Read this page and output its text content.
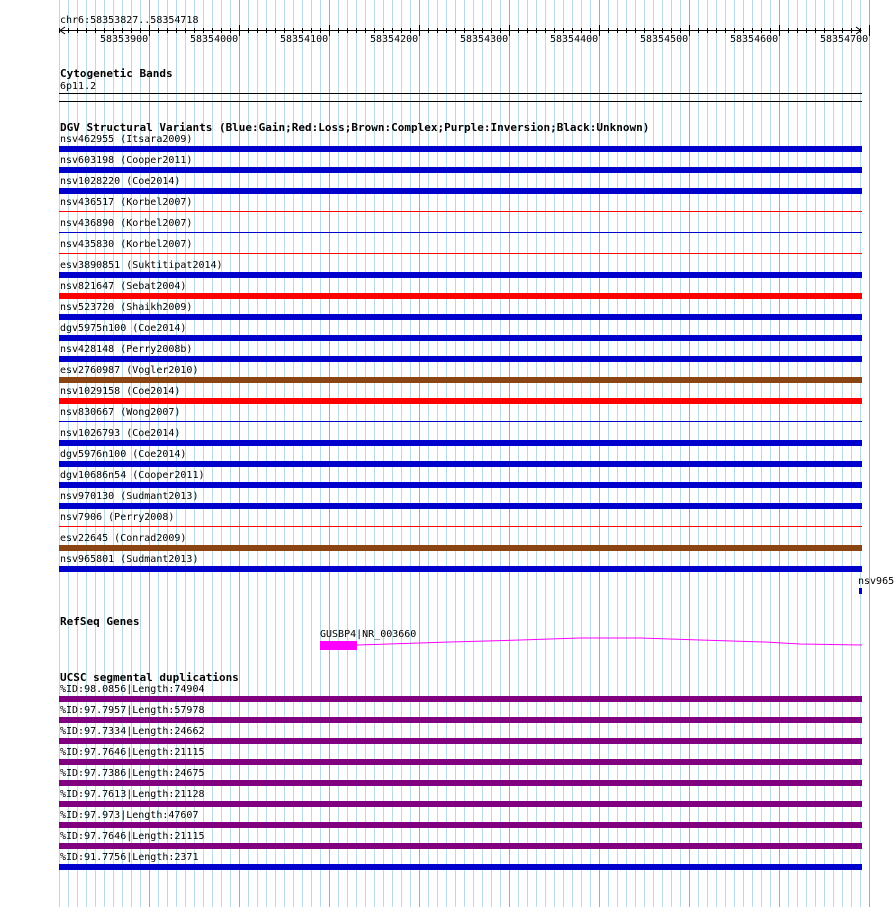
chr6:58353827..58354718
58353900	58354000	58354100	58354200	58354300	58354400	58354500	58354600	58354700
Cytogenetic Bands
6p11.2
DGV Structural Variants (Blue:Gain;Red:Loss;Brown:Complex;Purple:Inversion;Black:Unknown)
nsv462955 (Itsara2009)
nsv603198 (Cooper2011)
nsv1028220 (Coe2014)
nsv436517 (Korbel2007)
nsv436890 (Korbel2007)
nsv435830 (Korbel2007)
esv3890851 (Suktitipat2014)
nsv821647 (Sebat2004)
nsv523720 (Shaikh2009)
dgv5975n100 (Coe2014)
nsv428148 (Perry2008b)
esv2760987 (Vogler2010)
nsv1029158 (Coe2014)
nsv830667 (Wong2007)
nsv1026793 (Coe2014)
dgv5976n100 (Coe2014)
dgv10686n54 (Cooper2011)
nsv970130 (Sudmant2013)
nsv7906 (Perry2008)
esv22645 (Conrad2009)
nsv965801 (Sudmant2013)
nsv965
RefSeq Genes
GUSBP4|NR_003660
UCSC segmental duplications
%ID:98.0856|Length:74904
%ID:97.7957|Length:57978
%ID:97.7334|Length:24662
%ID:97.7646|Length:21115
%ID:97.7386|Length:24675
%ID:97.7613|Length:21128
%ID:97.973|Length:47607
%ID:97.7646|Length:21115
%ID:91.7756|Length:2371
